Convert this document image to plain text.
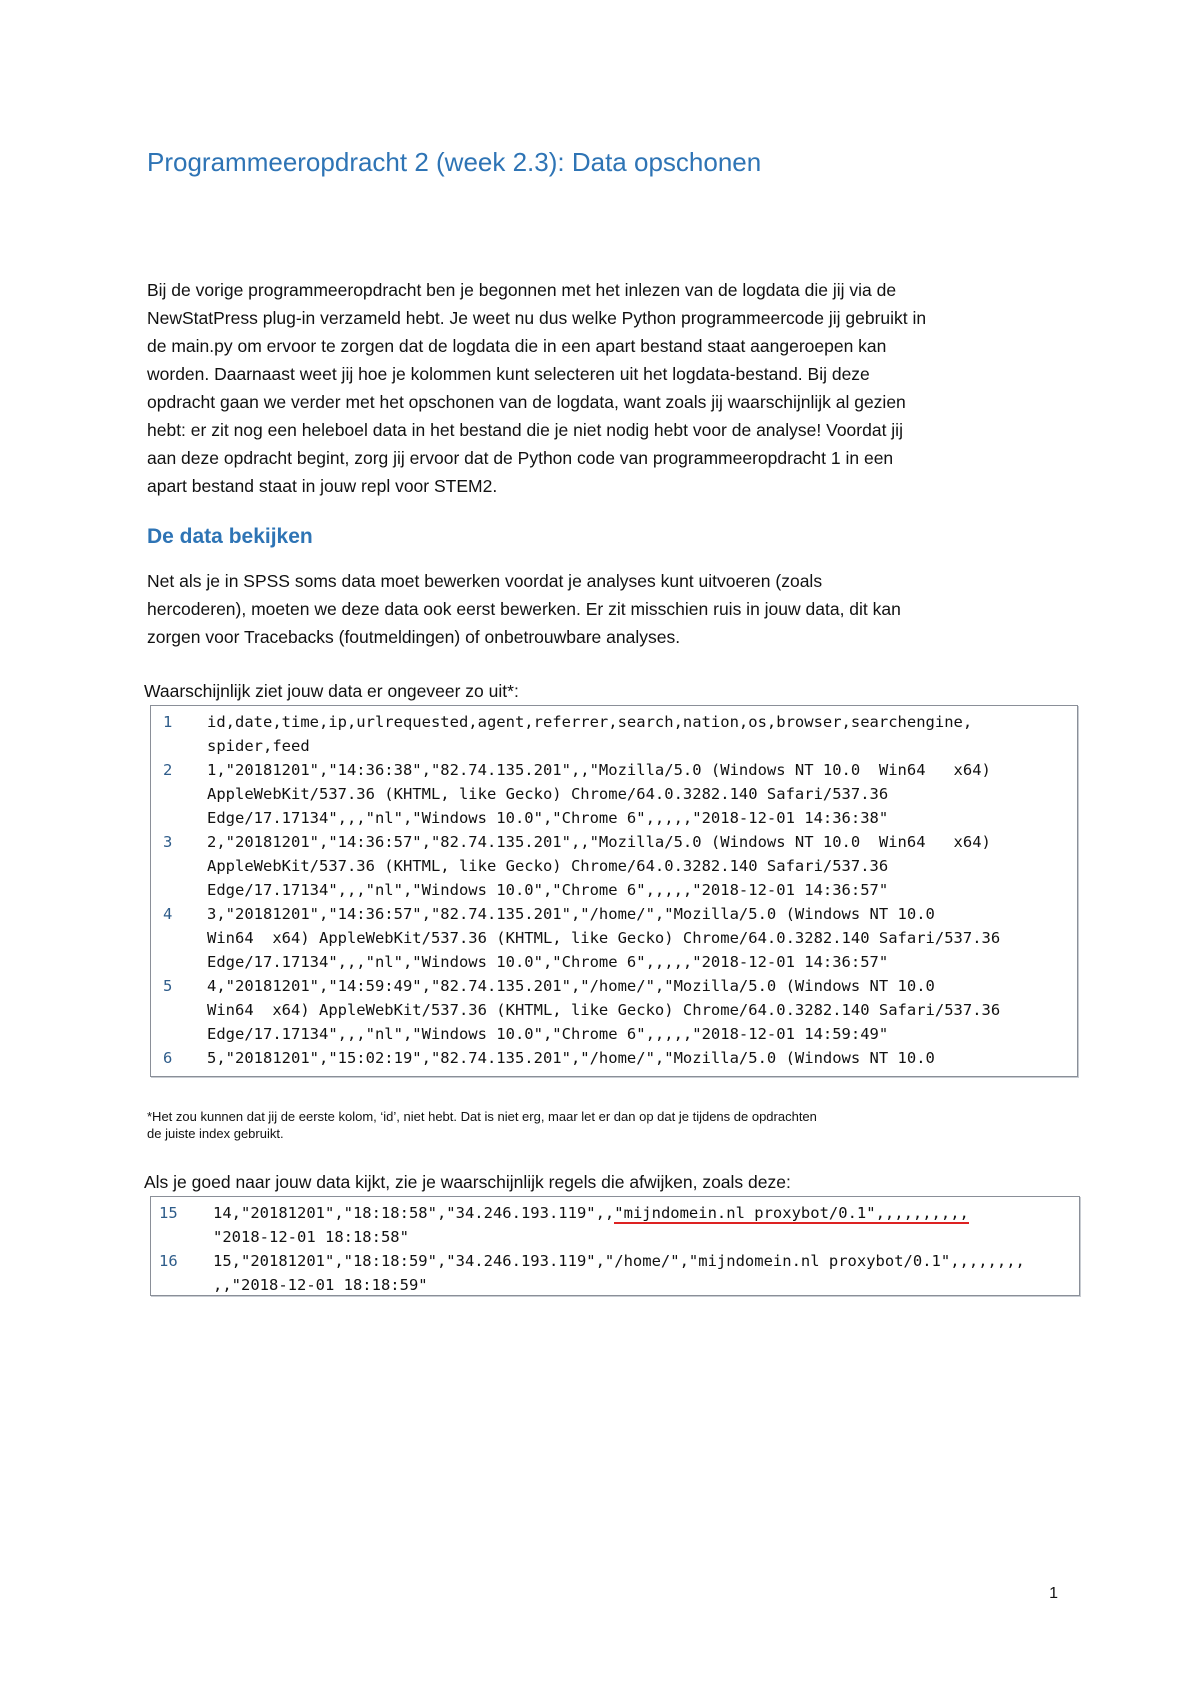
Programmeeropdracht 2 (week 2.3): Data opschonen
Bij de vorige programmeeropdracht ben je begonnen met het inlezen van de logdata die jij via de
NewStatPress plug-in verzameld hebt. Je weet nu dus welke Python programmeercode jij gebruikt in
de main.py om ervoor te zorgen dat de logdata die in een apart bestand staat aangeroepen kan
worden. Daarnaast weet jij hoe je kolommen kunt selecteren uit het logdata-bestand. Bij deze
opdracht gaan we verder met het opschonen van de logdata, want zoals jij waarschijnlijk al gezien
hebt: er zit nog een heleboel data in het bestand die je niet nodig hebt voor de analyse! Voordat jij
aan deze opdracht begint, zorg jij ervoor dat de Python code van programmeeropdracht 1 in een
apart bestand staat in jouw repl voor STEM2.
De data bekijken
Net als je in SPSS soms data moet bewerken voordat je analyses kunt uitvoeren (zoals
hercoderen), moeten we deze data ook eerst bewerken. Er zit misschien ruis in jouw data, dit kan
zorgen voor Tracebacks (foutmeldingen) of onbetrouwbare analyses.
Waarschijnlijk ziet jouw data er ongeveer zo uit*:
1	id,date,time,ip,urlrequested,agent,referrer,search,nation,os,browser,searchengine,
spider,feed
2	1,"20181201","14:36:38","82.74.135.201",,"Mozilla/5.0 (Windows NT 10.0  Win64   x64)
AppleWebKit/537.36 (KHTML, like Gecko) Chrome/64.0.3282.140 Safari/537.36
Edge/17.17134",,,"nl","Windows 10.0","Chrome 6",,,,,"2018-12-01 14:36:38"
3	2,"20181201","14:36:57","82.74.135.201",,"Mozilla/5.0 (Windows NT 10.0  Win64   x64)
AppleWebKit/537.36 (KHTML, like Gecko) Chrome/64.0.3282.140 Safari/537.36
Edge/17.17134",,,"nl","Windows 10.0","Chrome 6",,,,,"2018-12-01 14:36:57"
4	3,"20181201","14:36:57","82.74.135.201","/home/","Mozilla/5.0 (Windows NT 10.0
Win64  x64) AppleWebKit/537.36 (KHTML, like Gecko) Chrome/64.0.3282.140 Safari/537.36
Edge/17.17134",,,"nl","Windows 10.0","Chrome 6",,,,,"2018-12-01 14:36:57"
5	4,"20181201","14:59:49","82.74.135.201","/home/","Mozilla/5.0 (Windows NT 10.0
Win64  x64) AppleWebKit/537.36 (KHTML, like Gecko) Chrome/64.0.3282.140 Safari/537.36
Edge/17.17134",,,"nl","Windows 10.0","Chrome 6",,,,,"2018-12-01 14:59:49"
6	5,"20181201","15:02:19","82.74.135.201","/home/","Mozilla/5.0 (Windows NT 10.0
*Het zou kunnen dat jij de eerste kolom, ‘id’, niet hebt. Dat is niet erg, maar let er dan op dat je tijdens de opdrachten
de juiste index gebruikt.
Als je goed naar jouw data kijkt, zie je waarschijnlijk regels die afwijken, zoals deze:
15	14,"20181201","18:18:58","34.246.193.119",,"mijndomein.nl proxybot/0.1",,,,,,,,,,
"2018-12-01 18:18:58"
16	15,"20181201","18:18:59","34.246.193.119","/home/","mijndomein.nl proxybot/0.1",,,,,,,,
,,"2018-12-01 18:18:59"
1
